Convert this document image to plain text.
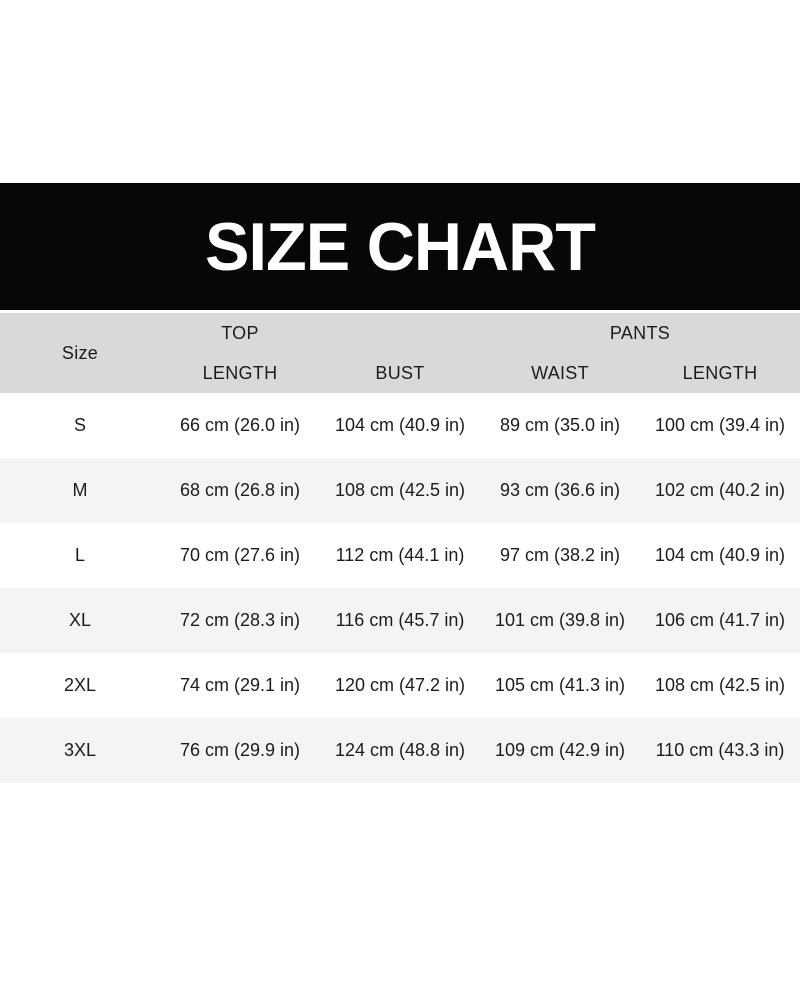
SIZE CHART
Size
TOP	PANTS
LENGTH	BUST	WAIST	LENGTH
S	66 cm (26.0 in)	104 cm (40.9 in)	89 cm (35.0 in)	100 cm (39.4 in)
M	68 cm (26.8 in)	108 cm (42.5 in)	93 cm (36.6 in)	102 cm (40.2 in)
L	70 cm (27.6 in)	112 cm (44.1 in)	97 cm (38.2 in)	104 cm (40.9 in)
XL	72 cm (28.3 in)	116 cm (45.7 in)	101 cm (39.8 in)	106 cm (41.7 in)
2XL	74 cm (29.1 in)	120 cm (47.2 in)	105 cm (41.3 in)	108 cm (42.5 in)
3XL	76 cm (29.9 in)	124 cm (48.8 in)	109 cm (42.9 in)	110 cm (43.3 in)
